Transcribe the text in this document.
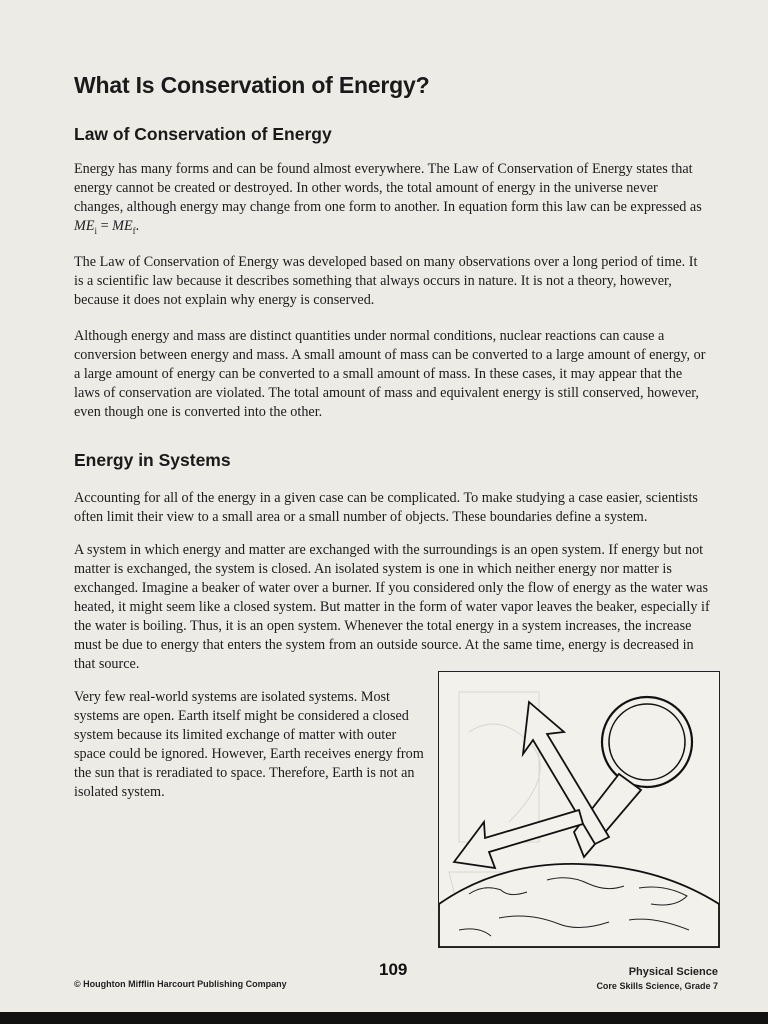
What Is Conservation of Energy?
Law of Conservation of Energy

Energy has many forms and can be found almost everywhere. The Law of Conservation of Energy states that energy cannot be created or destroyed. In other words, the total amount of energy in the universe never changes, although energy may change from one form to another. In equation form this law can be expressed as $ME_i = ME_f$.

The Law of Conservation of Energy was developed based on many observations over a long period of time. It is a scientific law because it describes something that always occurs in nature. It is not a theory, however, because it does not explain why energy is conserved.

Although energy and mass are distinct quantities under normal conditions, nuclear reactions can cause a conversion between energy and mass. A small amount of mass can be converted to a large amount of energy, or a large amount of energy can be converted to a small amount of mass. In these cases, it may appear that the laws of conservation are violated. The total amount of mass and equivalent energy is still conserved, however, even though one is converted into the other.

Energy in Systems

Accounting for all of the energy in a given case can be complicated. To make studying a case easier, scientists often limit their view to a small area or a small number of objects. These boundaries define a system.

A system in which energy and matter are exchanged with the surroundings is an open system. If energy but not matter is exchanged, the system is closed. An isolated system is one in which neither energy nor matter is exchanged. Imagine a beaker of water over a burner. If you considered only the flow of energy as the water was heated, it might seem like a closed system. But matter in the form of water vapor leaves the beaker, especially if the water is boiling. Thus, it is an open system. Whenever the total energy in a system increases, the increase must be due to energy that enters the system from an outside source. At the same time, energy is decreased in that source.

Very few real-world systems are isolated systems. Most systems are open. Earth itself might be considered a closed system because its limited exchange of matter with outer space could be ignored. However, Earth receives energy from the sun that is reradiated to space. Therefore, Earth is not an isolated system.

109
© Houghton Mifflin Harcourt Publishing Company
Physical Science
Core Skills Science, Grade 7
